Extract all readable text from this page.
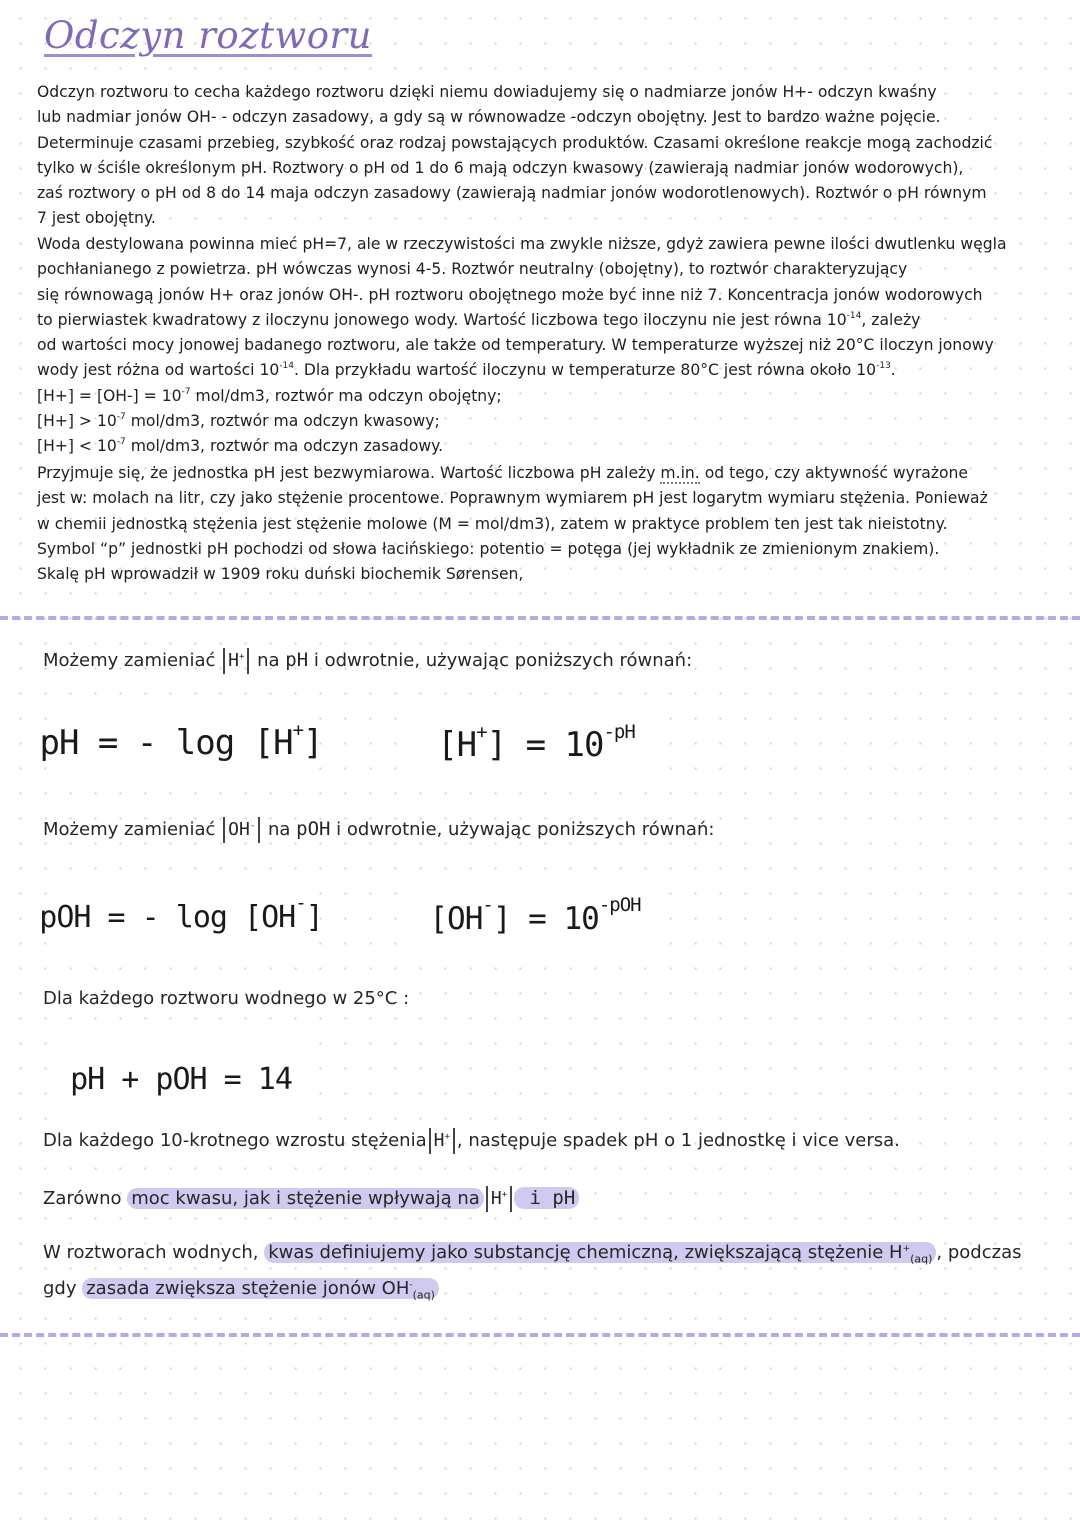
Odczyn roztworu
Odczyn roztworu to cecha każdego roztworu dzięki niemu dowiadujemy się o nadmiarze jonów H+- odczyn kwaśny
lub nadmiar jonów OH- - odczyn zasadowy, a gdy są w równowadze -odczyn obojętny. Jest to bardzo ważne pojęcie.
Determinuje czasami przebieg, szybkość oraz rodzaj powstających produktów. Czasami określone reakcje mogą zachodzić
tylko w ściśle określonym pH. Roztwory o pH od 1 do 6 mają odczyn kwasowy (zawierają nadmiar jonów wodorowych),
zaś roztwory o pH od 8 do 14 maja odczyn zasadowy (zawierają nadmiar jonów wodorotlenowych). Roztwór o pH równym
7 jest obojętny.
Woda destylowana powinna mieć pH=7, ale w rzeczywistości ma zwykle niższe, gdyż zawiera pewne ilości dwutlenku węgla
pochłanianego z powietrza. pH wówczas wynosi 4-5. Roztwór neutralny (obojętny), to roztwór charakteryzujący
się równowagą jonów H+ oraz jonów OH-. pH roztworu obojętnego może być inne niż 7. Koncentracja jonów wodorowych
to pierwiastek kwadratowy z iloczynu jonowego wody. Wartość liczbowa tego iloczynu nie jest równa $10^{-14}$, zależy
od wartości mocy jonowej badanego roztworu, ale także od temperatury. W temperaturze wyższej niż 20°C iloczyn jonowy
wody jest różna od wartości $10^{-14}$. Dla przykładu wartość iloczynu w temperaturze 80°C jest równa około $10^{-13}$.
$[H+] = [OH-] = 10^{-7}$ mol/dm3, roztwór ma odczyn obojętny;
$[H+] > 10^{-7}$ mol/dm3, roztwór ma odczyn kwasowy;
$[H+] < 10^{-7}$ mol/dm3, roztwór ma odczyn zasadowy.
Przyjmuje się, że jednostka pH jest bezwymiarowa. Wartość liczbowa pH zależy m.in. od tego, czy aktywność wyrażone
jest w: molach na litr, czy jako stężenie procentowe. Poprawnym wymiarem pH jest logarytm wymiaru stężenia. Ponieważ
w chemii jednostką stężenia jest stężenie molowe (M = mol/dm3), zatem w praktyce problem ten jest tak nieistotny.
Symbol “p” jednostki pH pochodzi od słowa łacińskiego: potentio = potęga (jej wykładnik ze zmienionym znakiem).
Skalę pH wprowadził w 1909 roku duński biochemik Sørensen,
Możemy zamieniać H+ na pH i odwrotnie, używając poniższych równań:
pH = - log [H+]	$[H^+] = 10^{-pH}$
Możemy zamieniać OH- na pOH i odwrotnie, używając poniższych równań:
pOH = - log [OH-]	$[OH^-] = 10^{-pOH}$
Dla każdego roztworu wodnego w 25°C :
pH + pOH = 14
Dla każdego 10-krotnego wzrostu stężenia H+ , następuje spadek pH o 1 jednostkę i vice versa.
Zarówno moc kwasu, jak i stężenie wpływają na H+ i pH
W roztworach wodnych, kwas definiujemy jako substancję chemiczną, zwiększającą stężenie $H^+_{(aq)}$ , podczas
gdy zasada zwiększa stężenie jonów $OH^-_{(aq)}$
